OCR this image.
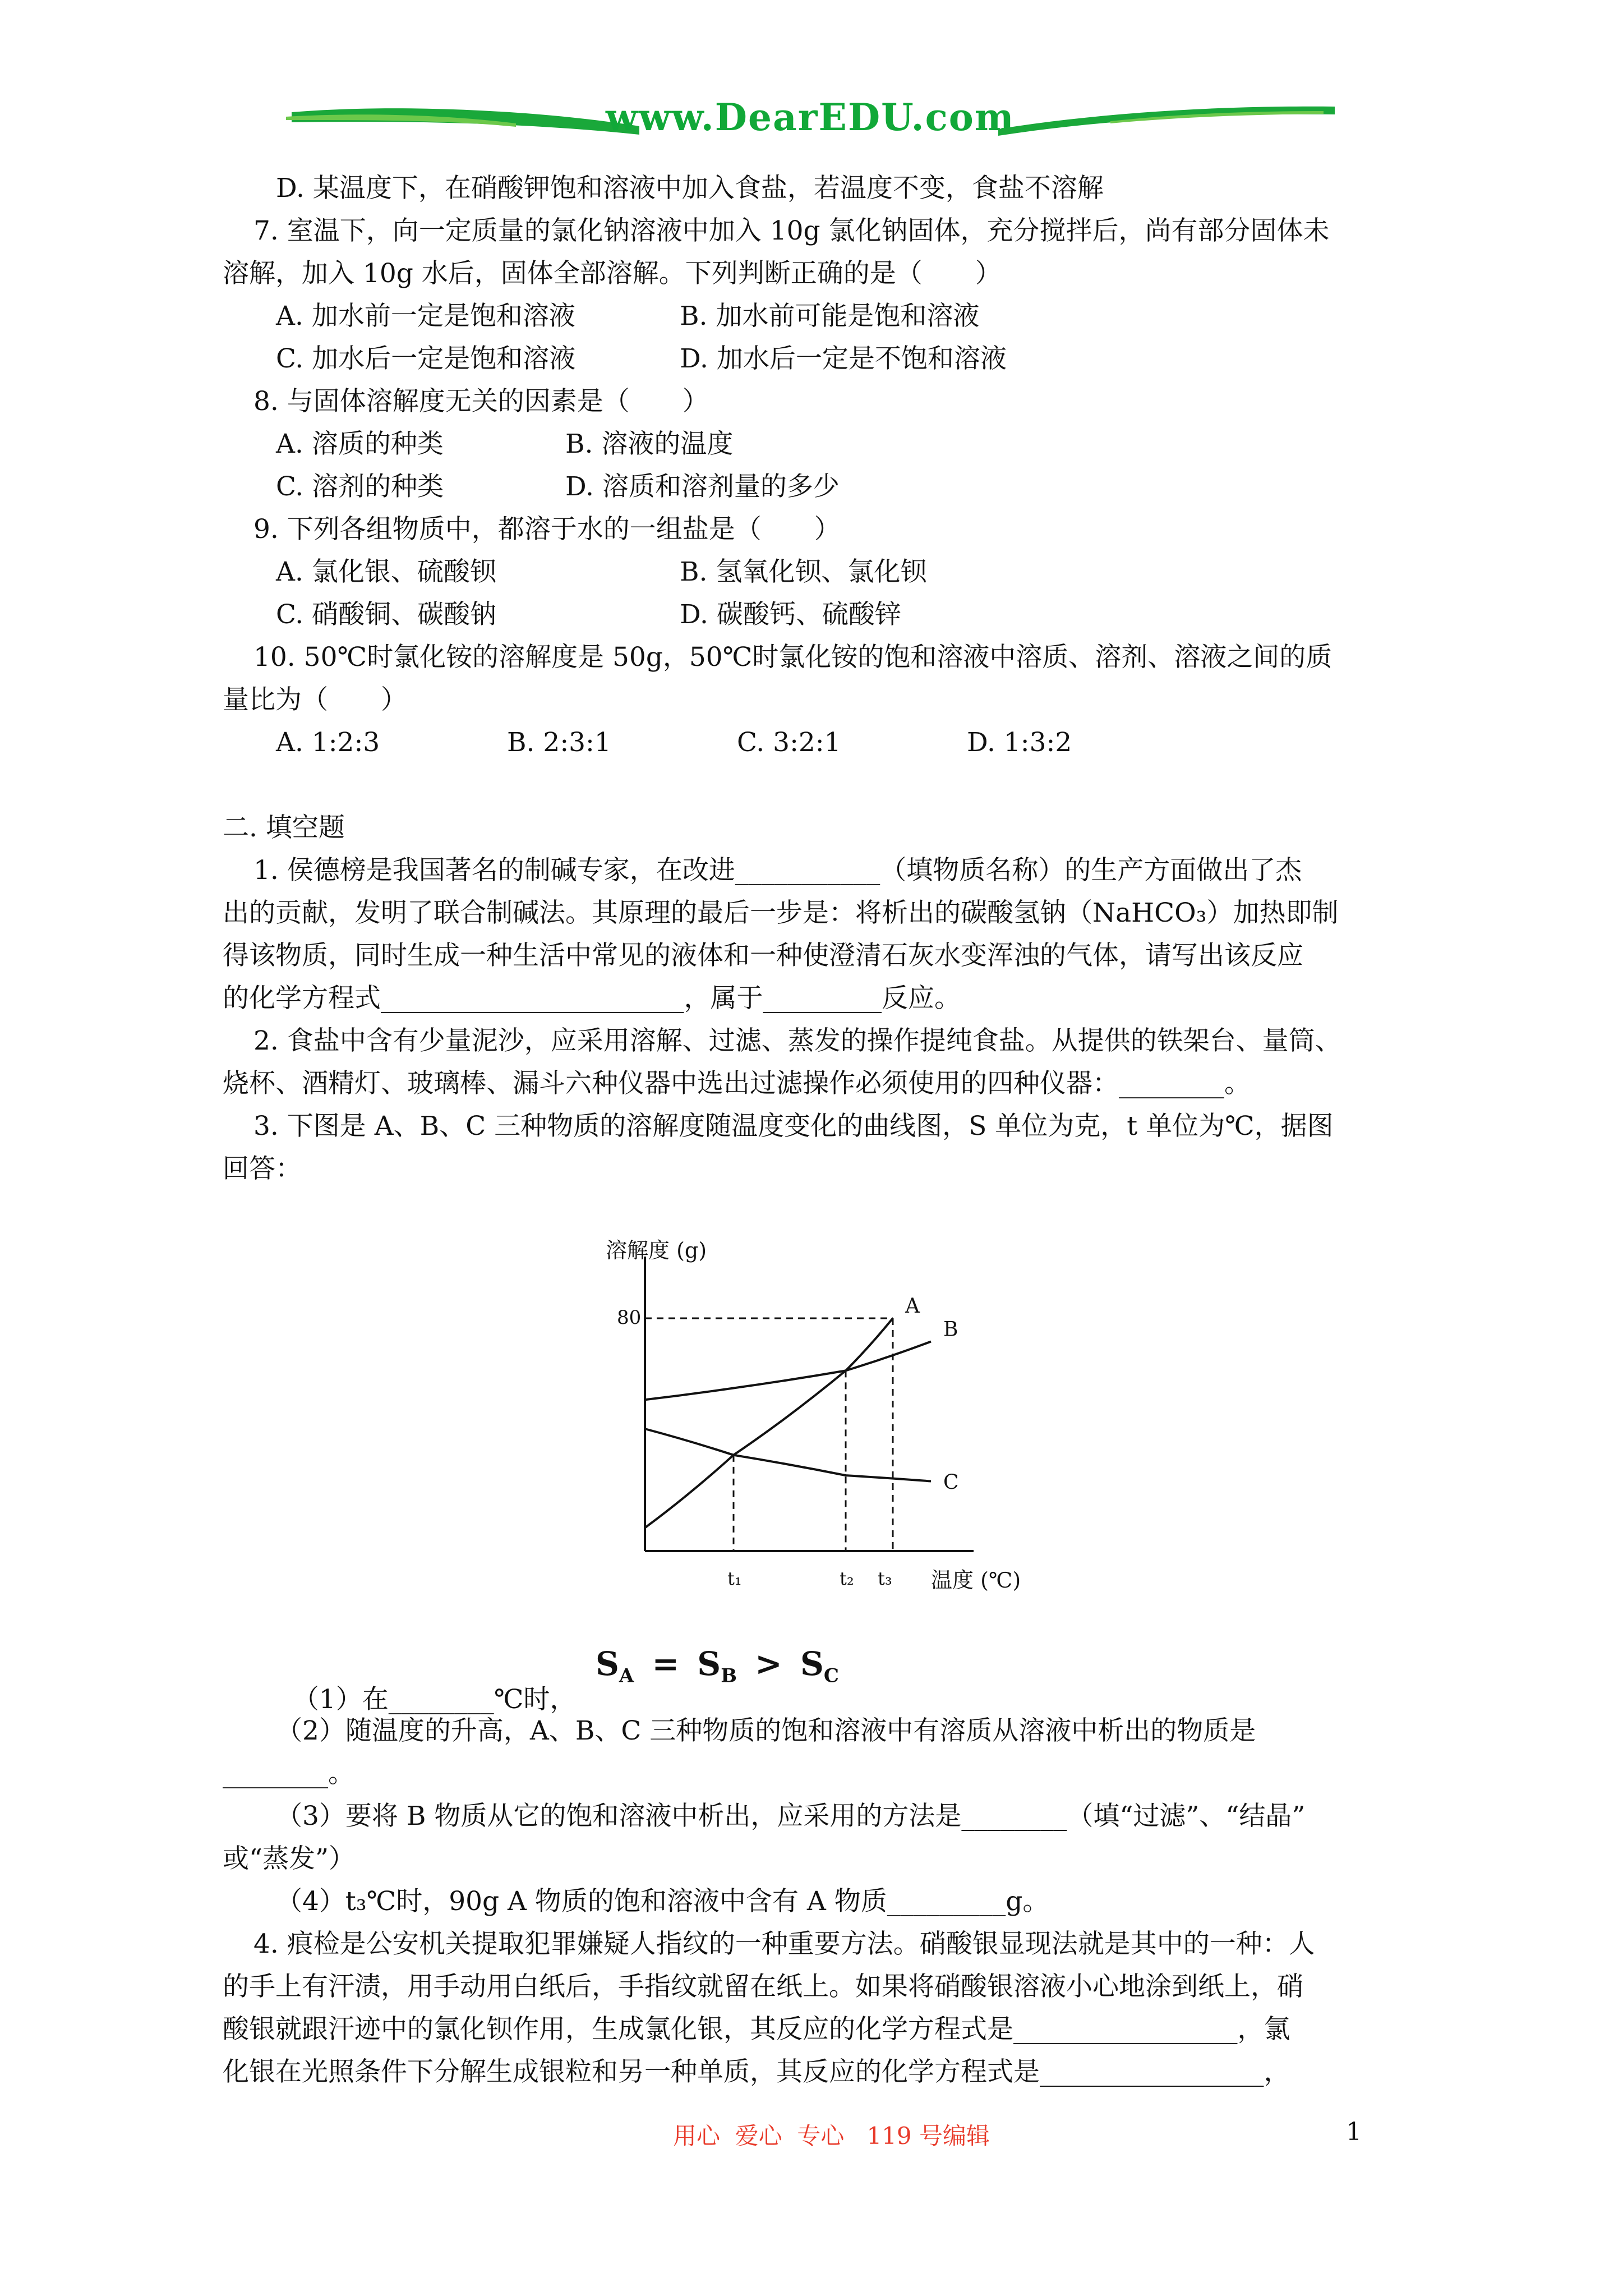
www.DearEDU.com
D. 某温度下，在硝酸钾饱和溶液中加入食盐，若温度不变，食盐不溶解
7. 室温下，向一定质量的氯化钠溶液中加入 10g 氯化钠固体，充分搅拌后，尚有部分固体未
溶解，加入 10g 水后，固体全部溶解。下列判断正确的是（　　）
A. 加水前一定是饱和溶液	B. 加水前可能是饱和溶液
C. 加水后一定是饱和溶液	D. 加水后一定是不饱和溶液
8. 与固体溶解度无关的因素是（　　）
A. 溶质的种类	B. 溶液的温度
C. 溶剂的种类	D. 溶质和溶剂量的多少
9. 下列各组物质中，都溶于水的一组盐是（　　）
A. 氯化银、硫酸钡	B. 氢氧化钡、氯化钡
C. 硝酸铜、碳酸钠	D. 碳酸钙、硫酸锌
10. 50℃时氯化铵的溶解度是 50g，50℃时氯化铵的饱和溶液中溶质、溶剂、溶液之间的质
量比为（　　）
A. 1:2:3	B. 2:3:1	C. 3:2:1	D. 1:3:2
二. 填空题
1. 侯德榜是我国著名的制碱专家，在改进___________（填物质名称）的生产方面做出了杰
出的贡献，发明了联合制碱法。其原理的最后一步是：将析出的碳酸氢钠（NaHCO₃）加热即制
得该物质，同时生成一种生活中常见的液体和一种使澄清石灰水变浑浊的气体，请写出该反应
的化学方程式_______________________，属于_________反应。
2. 食盐中含有少量泥沙，应采用溶解、过滤、蒸发的操作提纯食盐。从提供的铁架台、量筒、
烧杯、酒精灯、玻璃棒、漏斗六种仪器中选出过滤操作必须使用的四种仪器：________。
3. 下图是 A、B、C 三种物质的溶解度随温度变化的曲线图，S 单位为克，t 单位为℃，据图
回答：
溶解度 (g)
80	A
B
C
t₁	t₂ t₃ 温度 (℃)

（1）在________℃时，

$S_A = S_B > S_C$
（2）随温度的升高，A、B、C 三种物质的饱和溶液中有溶质从溶液中析出的物质是
________。
（3）要将 B 物质从它的饱和溶液中析出，应采用的方法是________（填“过滤”、“结晶”
或“蒸发”）
（4）t₃℃时，90g A 物质的饱和溶液中含有 A 物质_________g。
4. 痕检是公安机关提取犯罪嫌疑人指纹的一种重要方法。硝酸银显现法就是其中的一种：人
的手上有汗渍，用手动用白纸后，手指纹就留在纸上。如果将硝酸银溶液小心地涂到纸上，硝
酸银就跟汗迹中的氯化钡作用，生成氯化银，其反应的化学方程式是_________________，氯
化银在光照条件下分解生成银粒和另一种单质，其反应的化学方程式是_________________，
用心  爱心  专心   119 号编辑	1
